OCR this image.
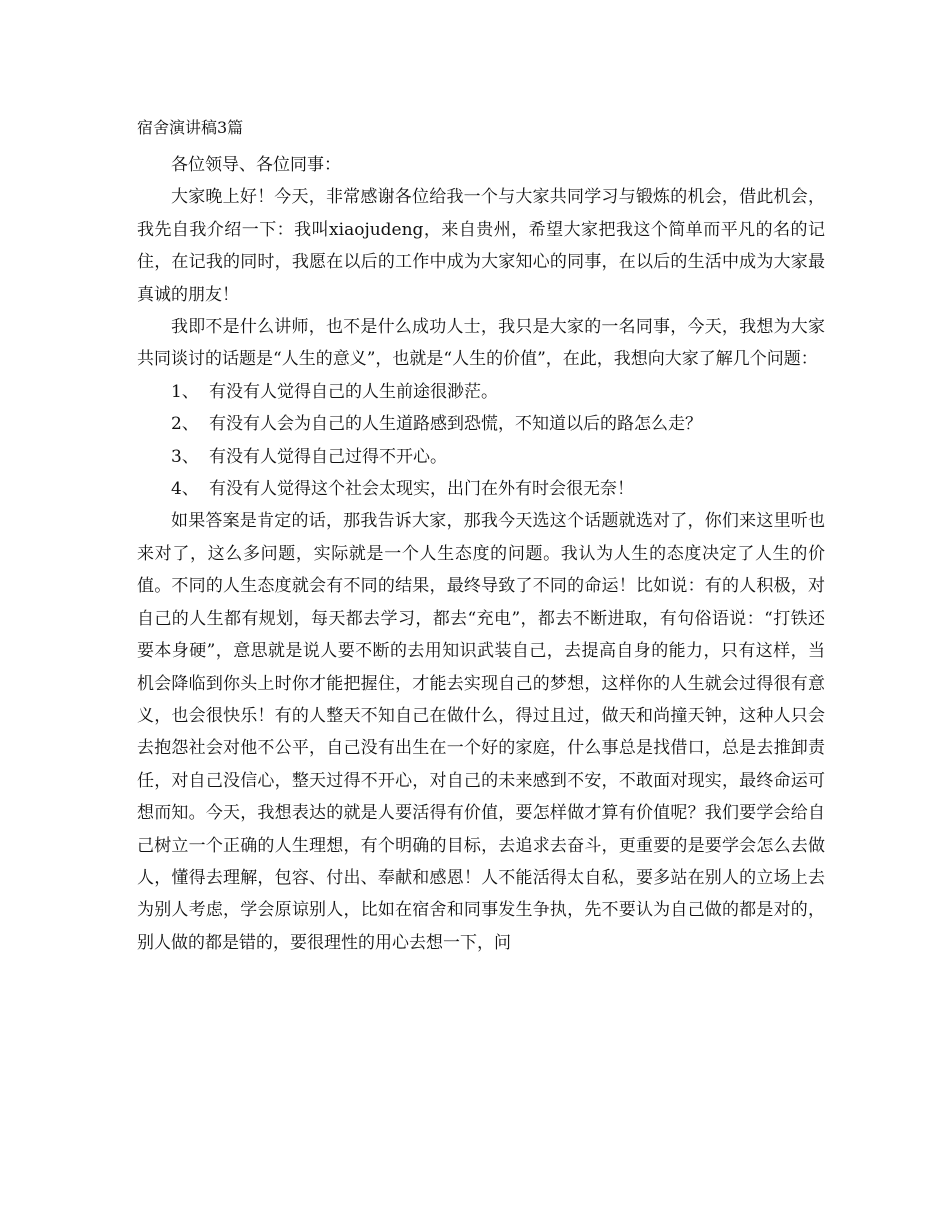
宿舍演讲稿3篇

各位领导、各位同事：

大家晚上好！今天，非常感谢各位给我一个与大家共同学习与锻炼的机会，借此机会，我先自我介绍一下：我叫xiaojudeng，来自贵州，希望大家把我这个简单而平凡的名的记住，在记我的同时，我愿在以后的工作中成为大家知心的同事，在以后的生活中成为大家最真诚的朋友！

我即不是什么讲师，也不是什么成功人士，我只是大家的一名同事，今天，我想为大家共同谈讨的话题是“人生的意义”，也就是“人生的价值”，在此，我想向大家了解几个问题：

1、 有没有人觉得自己的人生前途很渺茫。
2、 有没有人会为自己的人生道路感到恐慌，不知道以后的路怎么走？
3、 有没有人觉得自己过得不开心。
4、 有没有人觉得这个社会太现实，出门在外有时会很无奈！

如果答案是肯定的话，那我告诉大家，那我今天选这个话题就选对了，你们来这里听也来对了，这么多问题，实际就是一个人生态度的问题。我认为人生的态度决定了人生的价值。不同的人生态度就会有不同的结果，最终导致了不同的命运！比如说：有的人积极，对自己的人生都有规划，每天都去学习，都去“充电”，都去不断进取，有句俗语说：“打铁还要本身硬”，意思就是说人要不断的去用知识武装自己，去提高自身的能力，只有这样，当机会降临到你头上时你才能把握住，才能去实现自己的梦想，这样你的人生就会过得很有意义，也会很快乐！有的人整天不知自己在做什么，得过且过，做天和尚撞天钟，这种人只会去抱怨社会对他不公平，自己没有出生在一个好的家庭，什么事总是找借口，总是去推卸责任，对自己没信心，整天过得不开心，对自己的未来感到不安，不敢面对现实，最终命运可想而知。今天，我想表达的就是人要活得有价值，要怎样做才算有价值呢？我们要学会给自己树立一个正确的人生理想，有个明确的目标，去追求去奋斗，更重要的是要学会怎么去做人，懂得去理解，包容、付出、奉献和感恩！人不能活得太自私，要多站在别人的立场上去为别人考虑，学会原谅别人，比如在宿舍和同事发生争执，先不要认为自己做的都是对的，别人做的都是错的，要很理性的用心去想一下，问
